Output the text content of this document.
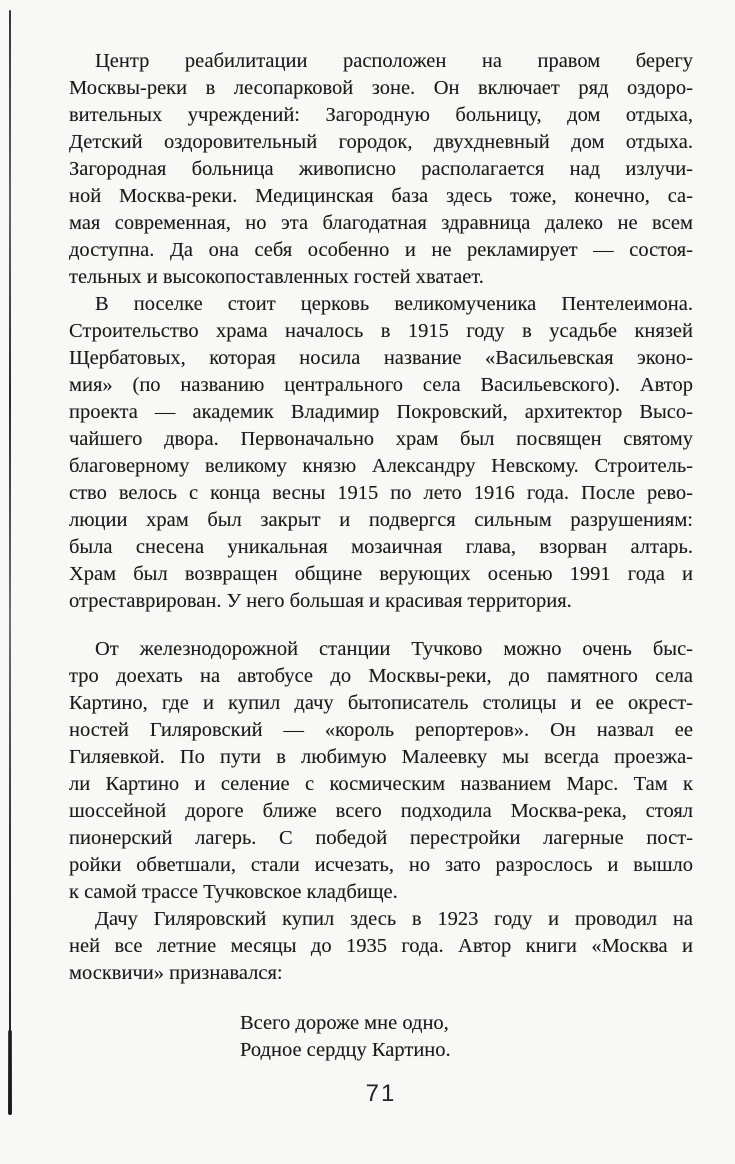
Центр реабилитации расположен на правом берегу
Москвы-реки в лесопарковой зоне. Он включает ряд оздоро-
вительных учреждений: Загородную больницу, дом отдыха,
Детский оздоровительный городок, двухдневный дом отдыха.
Загородная больница живописно располагается над излучи-
ной Москва-реки. Медицинская база здесь тоже, конечно, са-
мая современная, но эта благодатная здравница далеко не всем
доступна. Да она себя особенно и не рекламирует — состоя-
тельных и высокопоставленных гостей хватает.
В поселке стоит церковь великомученика Пентелеимона.
Строительство храма началось в 1915 году в усадьбе князей
Щербатовых, которая носила название «Васильевская эконо-
мия» (по названию центрального села Васильевского). Автор
проекта — академик Владимир Покровский, архитектор Высо-
чайшего двора. Первоначально храм был посвящен святому
благоверному великому князю Александру Невскому. Строитель-
ство велось с конца весны 1915 по лето 1916 года. После рево-
люции храм был закрыт и подвергся сильным разрушениям:
была снесена уникальная мозаичная глава, взорван алтарь.
Храм был возвращен общине верующих осенью 1991 года и
отреставрирован. У него большая и красивая территория.
От железнодорожной станции Тучково можно очень быс-
тро доехать на автобусе до Москвы-реки, до памятного села
Картино, где и купил дачу бытописатель столицы и ее окрест-
ностей Гиляровский — «король репортеров». Он назвал ее
Гиляевкой. По пути в любимую Малеевку мы всегда проезжа-
ли Картино и селение с космическим названием Марс. Там к
шоссейной дороге ближе всего подходила Москва-река, стоял
пионерский лагерь. С победой перестройки лагерные пост-
ройки обветшали, стали исчезать, но зато разрослось и вышло
к самой трассе Тучковское кладбище.
Дачу Гиляровский купил здесь в 1923 году и проводил на
ней все летние месяцы до 1935 года. Автор книги «Москва и
москвичи» признавался:
Всего дороже мне одно,
Родное сердцу Картино.
71
